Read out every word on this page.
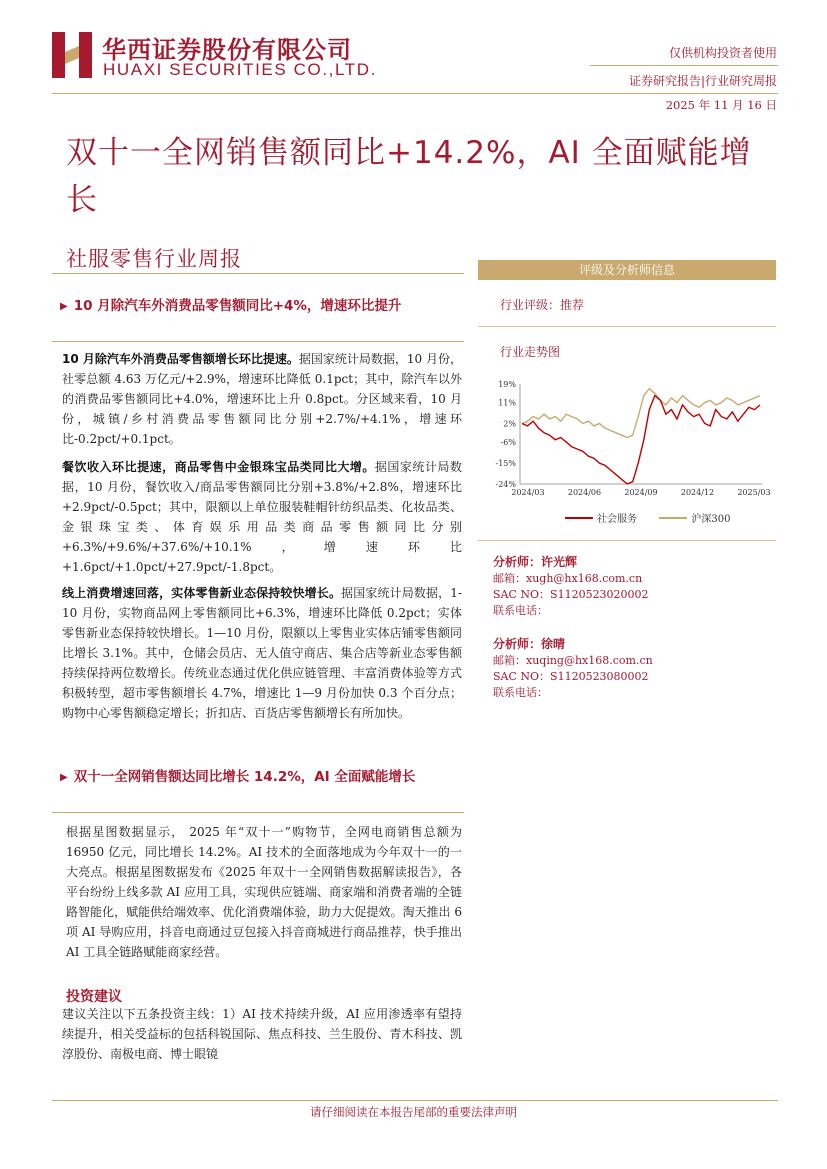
华西证券股份有限公司
HUAXI SECURITIES CO.,LTD.
仅供机构投资者使用
证券研究报告|行业研究周报
2025 年 11 月 16 日
双十一全网销售额同比+14.2%，AI 全面赋能增长
社服零售行业周报
▶ 10 月除汽车外消费品零售额同比+4%，增速环比提升
10 月除汽车外消费品零售额增长环比提速。据国家统计局数据，10 月份，社零总额 4.63 万亿元/+2.9%，增速环比降低 0.1pct；其中，除汽车以外的消费品零售额同比+4.0%，增速环比上升 0.8pct。分区域来看，10 月份，城镇/乡村消费品零售额同比分别+2.7%/+4.1%，增速环比-0.2pct/+0.1pct。
餐饮收入环比提速，商品零售中金银珠宝品类同比大增。据国家统计局数据，10 月份，餐饮收入/商品零售额同比分别+3.8%/+2.8%，增速环比+2.9pct/-0.5pct；其中，限额以上单位服装鞋帽针纺织品类、化妆品类、金银珠宝类、体育娱乐用品类商品零售额同比分别+6.3%/+9.6%/+37.6%/+10.1%，增速环比+1.6pct/+1.0pct/+27.9pct/-1.8pct。
线上消费增速回落，实体零售新业态保持较快增长。据国家统计局数据，1-10 月份，实物商品网上零售额同比+6.3%，增速环比降低 0.2pct；实体零售新业态保持较快增长。1—10 月份，限额以上零售业实体店铺零售额同比增长 3.1%。其中，仓储会员店、无人值守商店、集合店等新业态零售额持续保持两位数增长。传统业态通过优化供应链管理、丰富消费体验等方式积极转型，超市零售额增长 4.7%，增速比 1—9 月份加快 0.3 个百分点；购物中心零售额稳定增长；折扣店、百货店零售额增长有所加快。
▶ 双十一全网销售额达同比增长 14.2%，AI 全面赋能增长
根据星图数据显示， 2025 年“双十一”购物节，全网电商销售总额为 16950 亿元，同比增长 14.2%。AI 技术的全面落地成为今年双十一的一大亮点。根据星图数据发布《2025 年双十一全网销售数据解读报告》，各平台纷纷上线多款 AI 应用工具，实现供应链端、商家端和消费者端的全链路智能化，赋能供给端效率、优化消费端体验，助力大促提效。淘天推出 6 项 AI 导购应用，抖音电商通过豆包接入抖音商城进行商品推荐，快手推出 AI 工具全链路赋能商家经营。
投资建议
建议关注以下五条投资主线：1）AI 技术持续升级，AI 应用渗透率有望持续提升，相关受益标的包括科锐国际、焦点科技、兰生股份、青木科技、凯淳股份、南极电商、博士眼镜
评级及分析师信息
行业评级：推荐
行业走势图
19%
11%
2%
-6%
-15%
-24%
2024/03	2024/06	2024/09	2024/12	2025/03
社会服务	沪深300
分析师：许光辉
邮箱：xugh@hx168.com.cn
SAC NO：S1120523020002
联系电话：
分析师：徐晴
邮箱：xuqing@hx168.com.cn
SAC NO：S1120523080002
联系电话：
请仔细阅读在本报告尾部的重要法律声明
